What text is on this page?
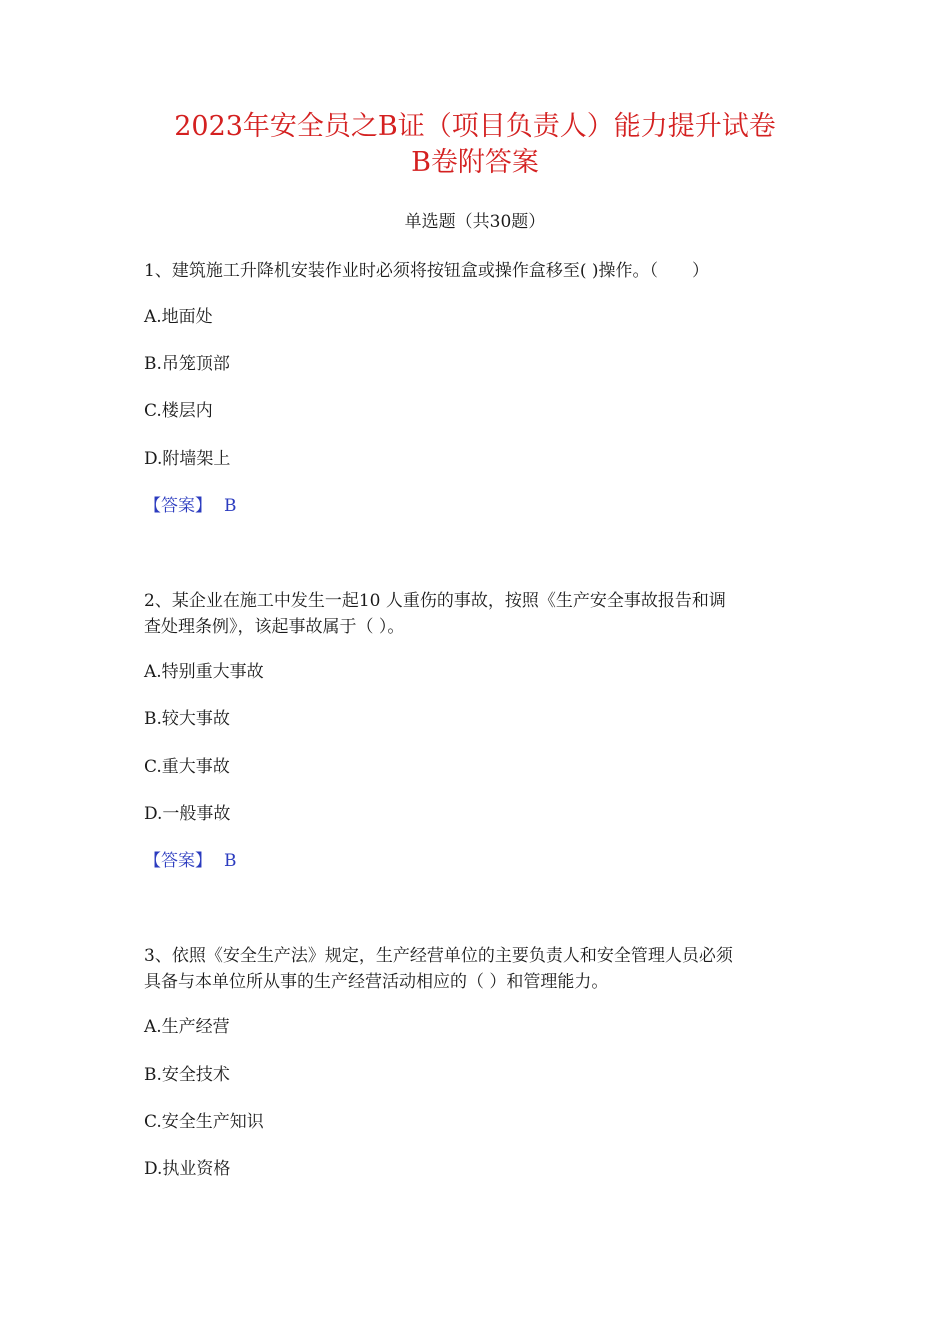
2023年安全员之B证（项目负责人）能力提升试卷
B卷附答案
单选题（共30题）
1、建筑施工升降机安装作业时必须将按钮盒或操作盒移至( )操作。（　　）
A.地面处
B.吊笼顶部
C.楼层内
D.附墙架上
【答案】 B
2、某企业在施工中发生一起10 人重伤的事故，按照《生产安全事故报告和调
查处理条例》，该起事故属于（ ）。
A.特别重大事故
B.较大事故
C.重大事故
D.一般事故
【答案】 B
3、依照《安全生产法》规定，生产经营单位的主要负责人和安全管理人员必须
具备与本单位所从事的生产经营活动相应的（ ）和管理能力。
A.生产经营
B.安全技术
C.安全生产知识
D.执业资格
